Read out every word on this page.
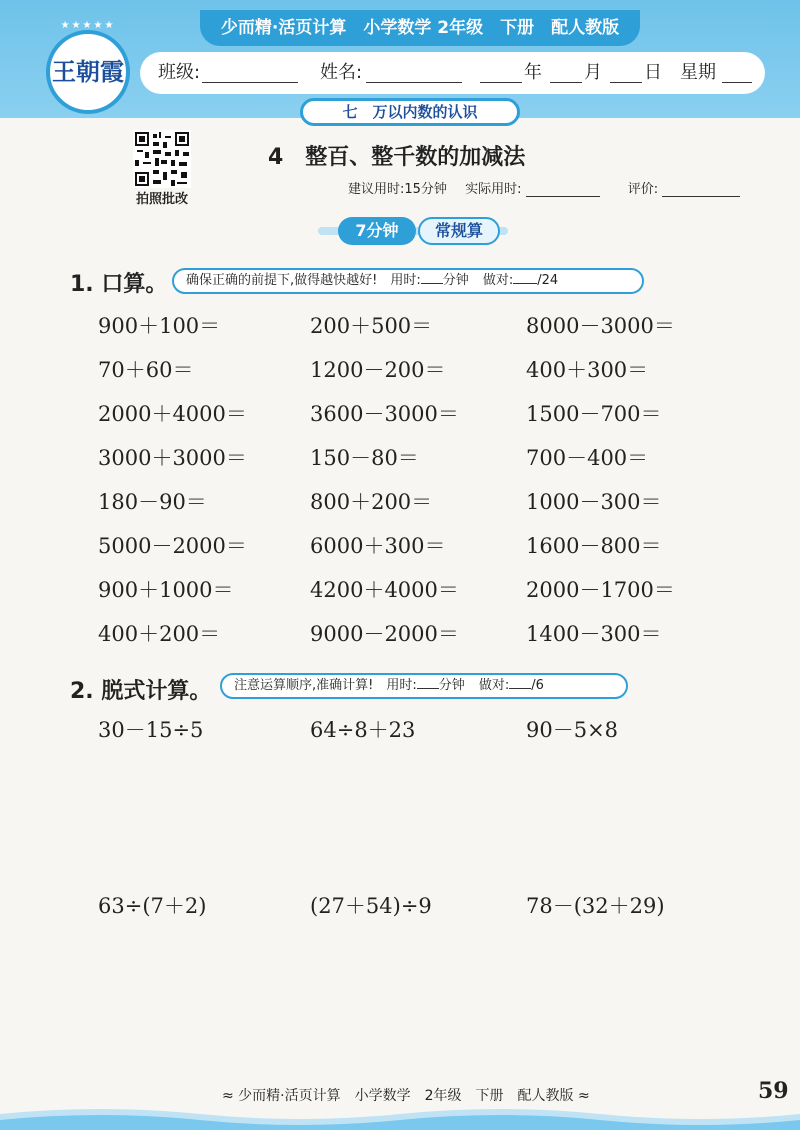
少而精·活页计算　小学数学 2年级　下册　配人教版
★★★★★
王朝霞	班级:	姓名:	年 月 日 星期
七　万以内数的认识
拍照批改
4　整百、整千数的加减法
建议用时:15分钟 实际用时:	评价:
7分钟	常规算
1. 口算。	确保正确的前提下,做得越快越好!　用时: 分钟 做对: /24
900＋100＝	200＋500＝	8000－3000＝
70＋60＝	1200－200＝	400＋300＝
2000＋4000＝	3600－3000＝	1500－700＝
3000＋3000＝	150－80＝	700－400＝
180－90＝	800＋200＝	1000－300＝
5000－2000＝	6000＋300＝	1600－800＝
900＋1000＝	4200＋4000＝	2000－1700＝
400＋200＝	9000－2000＝	1400－300＝
2. 脱式计算。	注意运算顺序,准确计算!　用时: 分钟 做对: /6
30－15÷5	64÷8＋23	90－5×8
63÷(7＋2)	(27＋54)÷9	78－(32＋29)
≈ 少而精·活页计算　小学数学　2年级　下册　配人教版 ≈	59
